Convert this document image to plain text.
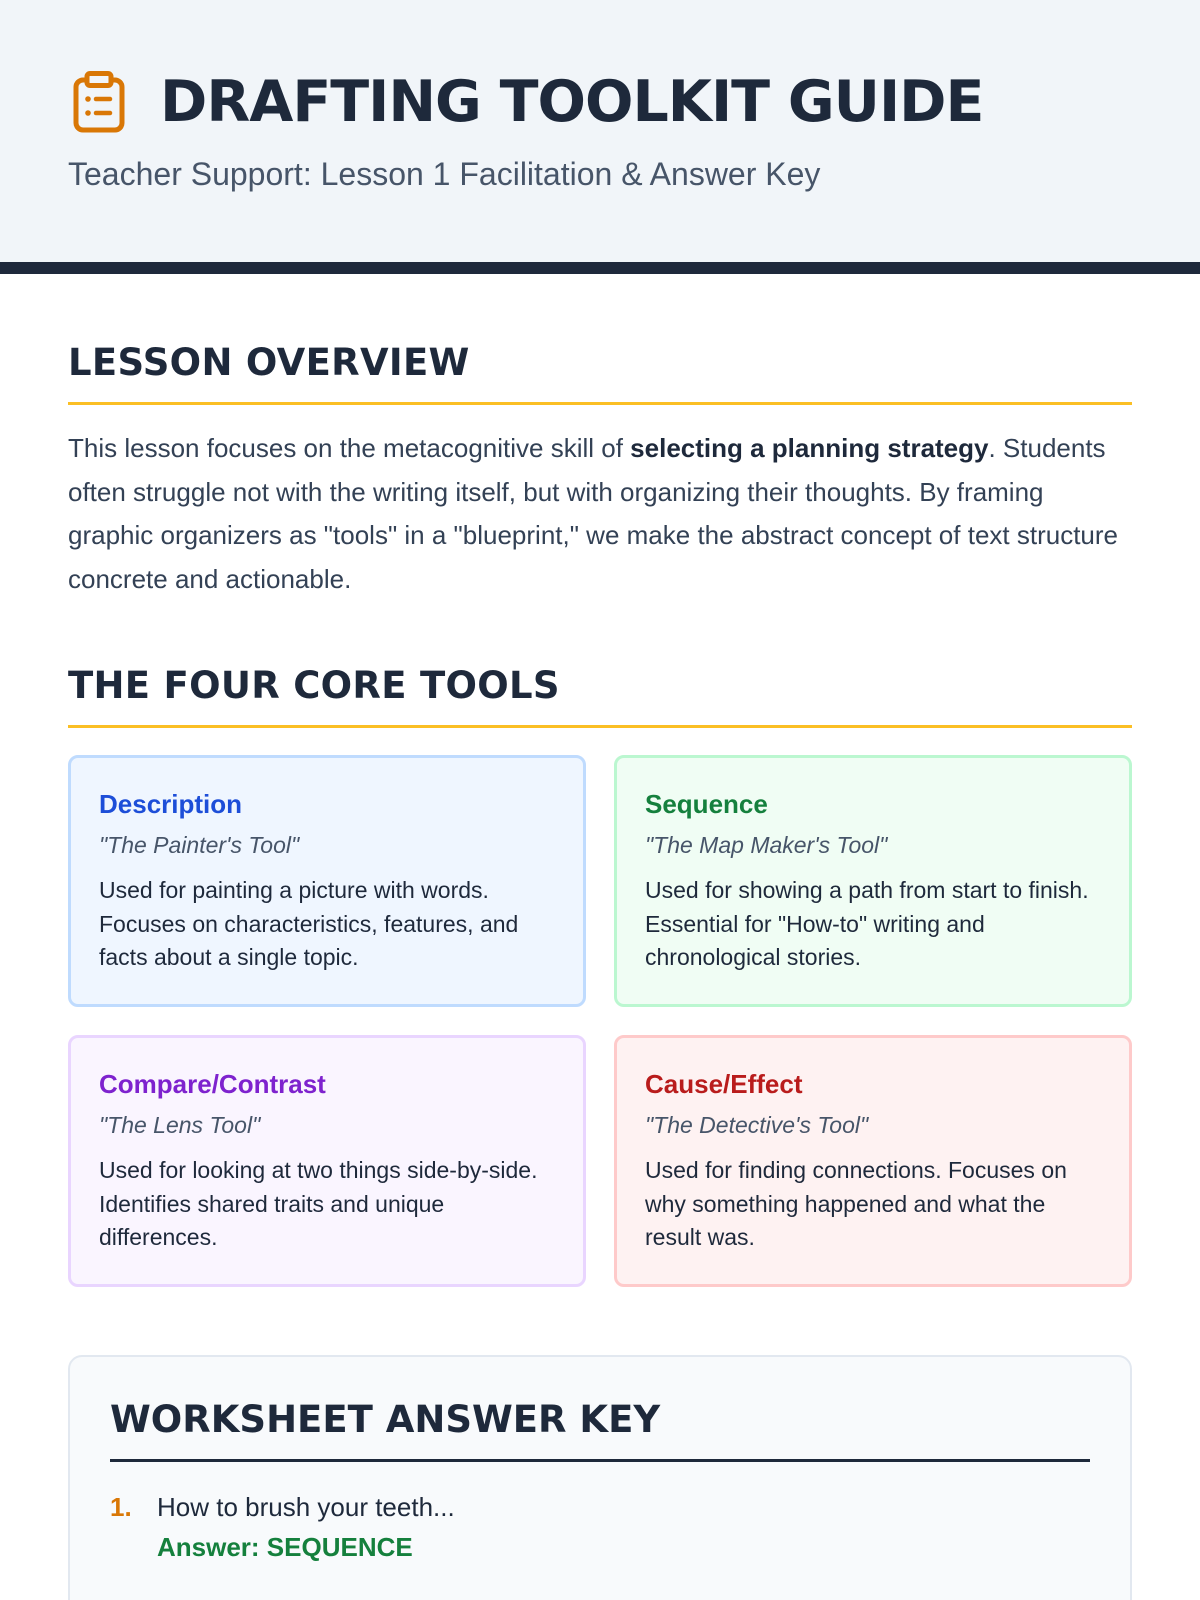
DRAFTING TOOLKIT GUIDE
Teacher Support: Lesson 1 Facilitation & Answer Key
LESSON OVERVIEW

This lesson focuses on the metacognitive skill of selecting a planning strategy. Students often struggle not with the writing itself, but with organizing their thoughts. By framing graphic organizers as "tools" in a "blueprint," we make the abstract concept of text structure concrete and actionable.

THE FOUR CORE TOOLS
Description
"The Painter's Tool"
Used for painting a picture with words. Focuses on characteristics, features, and facts about a single topic.
Sequence
"The Map Maker's Tool"
Used for showing a path from start to finish. Essential for "How-to" writing and chronological stories.
Compare/Contrast
"The Lens Tool"
Used for looking at two things side-by-side. Identifies shared traits and unique differences.
Cause/Effect
"The Detective's Tool"
Used for finding connections. Focuses on why something happened and what the result was.
WORKSHEET ANSWER KEY
1. How to brush your teeth...
Answer: SEQUENCE
